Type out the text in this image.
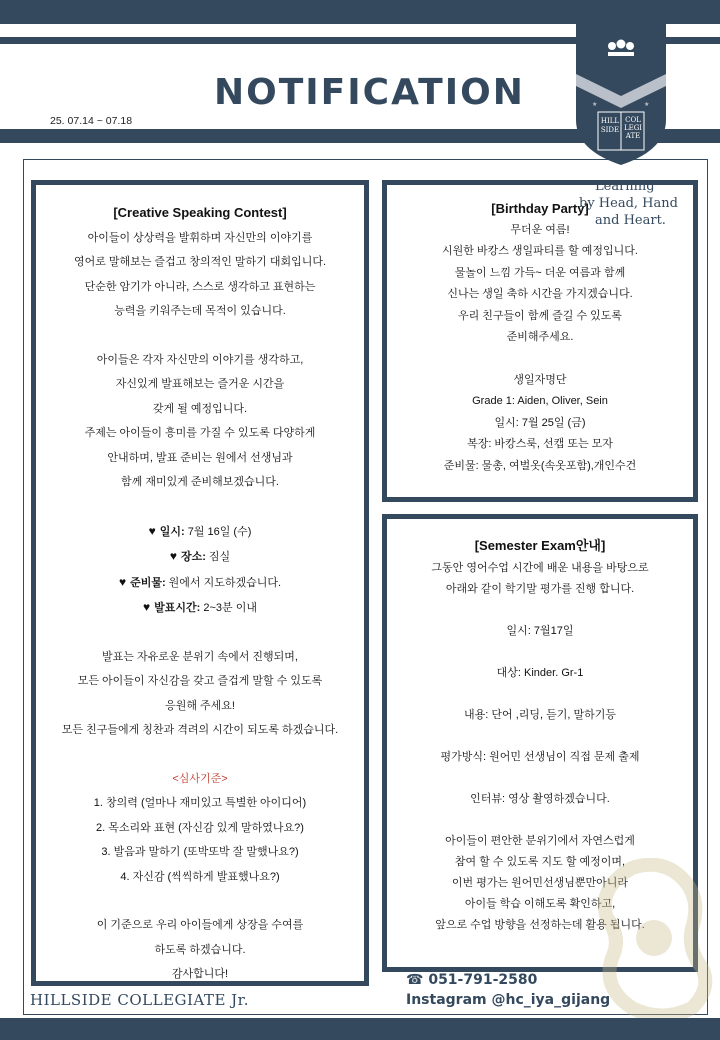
NOTIFICATION
25. 07.14 ~ 07.18
★	★
HILL
SIDE
COL
LEGI
ATE
[Creative Speaking Contest]
아이들이 상상력을 발휘하며 자신만의 이야기를
영어로 말해보는 즐겁고 창의적인 말하기 대회입니다.
단순한 암기가 아니라, 스스로 생각하고 표현하는
능력을 키워주는데 목적이 있습니다.
아이들은 각자 자신만의 이야기를 생각하고,
자신있게 발표해보는 즐거운 시간을
갖게 될 예정입니다.
주제는 아이들이 흥미를 가질 수 있도록 다양하게
안내하며, 발표 준비는 원에서 선생님과
함께 재미있게 준비해보겠습니다.
♥ 일시: 7월 16일 (수)
♥ 장소: 짐실
♥ 준비물: 원에서 지도하겠습니다.
♥ 발표시간: 2~3분 이내
발표는 자유로운 분위기 속에서 진행되며,
모든 아이들이 자신감을 갖고 즐겁게 말할 수 있도록
응원해 주세요!
모든 친구들에게 칭찬과 격려의 시간이 되도록 하겠습니다.
<심사기준>
1. 창의력 (얼마나 재미있고 특별한 아이디어)
2. 목소리와 표현 (자신감 있게 말하였나요?)
3. 발음과 말하기 (또박또박 잘 말했나요?)
4. 자신감 (씩씩하게 발표했나요?)
이 기준으로 우리 아이들에게 상장을 수여를
하도록 하겠습니다.
감사합니다!
[Birthday Party]
무더운 여름!
시원한 바캉스 생일파티를 할 예정입니다.
물놀이 느낌 가득~ 더운 여름과 함께
신나는 생일 축하 시간을 가지겠습니다.
우리 친구들이 함께 즐길 수 있도록
준비해주세요.
생일자명단
Grade 1: Aiden, Oliver, Sein
일시: 7월 25일 (금)
복장: 바캉스룩, 선캡 또는 모자
준비물: 물총, 여벌옷(속옷포함),개인수건
Learning
by Head, Hand
and Heart.
[Semester Exam안내]
그동안 영어수업 시간에 배운 내용을 바탕으로
아래와 같이 학기말 평가를 진행 합니다.
일시: 7월17일
대상: Kinder. Gr-1
내용: 단어 ,리딩, 듣기, 말하기등
평가방식: 원어민 선생님이 직접 문제 출제
인터뷰: 영상 촬영하겠습니다.
아이들이 편안한 분위기에서 자연스럽게
참여 할 수 있도록 지도 할 예정이며,
이번 평가는 원어민선생님뿐만아니라
아이들 학습 이해도록 확인하고,
앞으로 수업 방향을 선정하는데 활용 됩니다.
HILLSIDE COLLEGIATE Jr.
☎ 051-791-2580
Instagram @hc_iya_gijang
